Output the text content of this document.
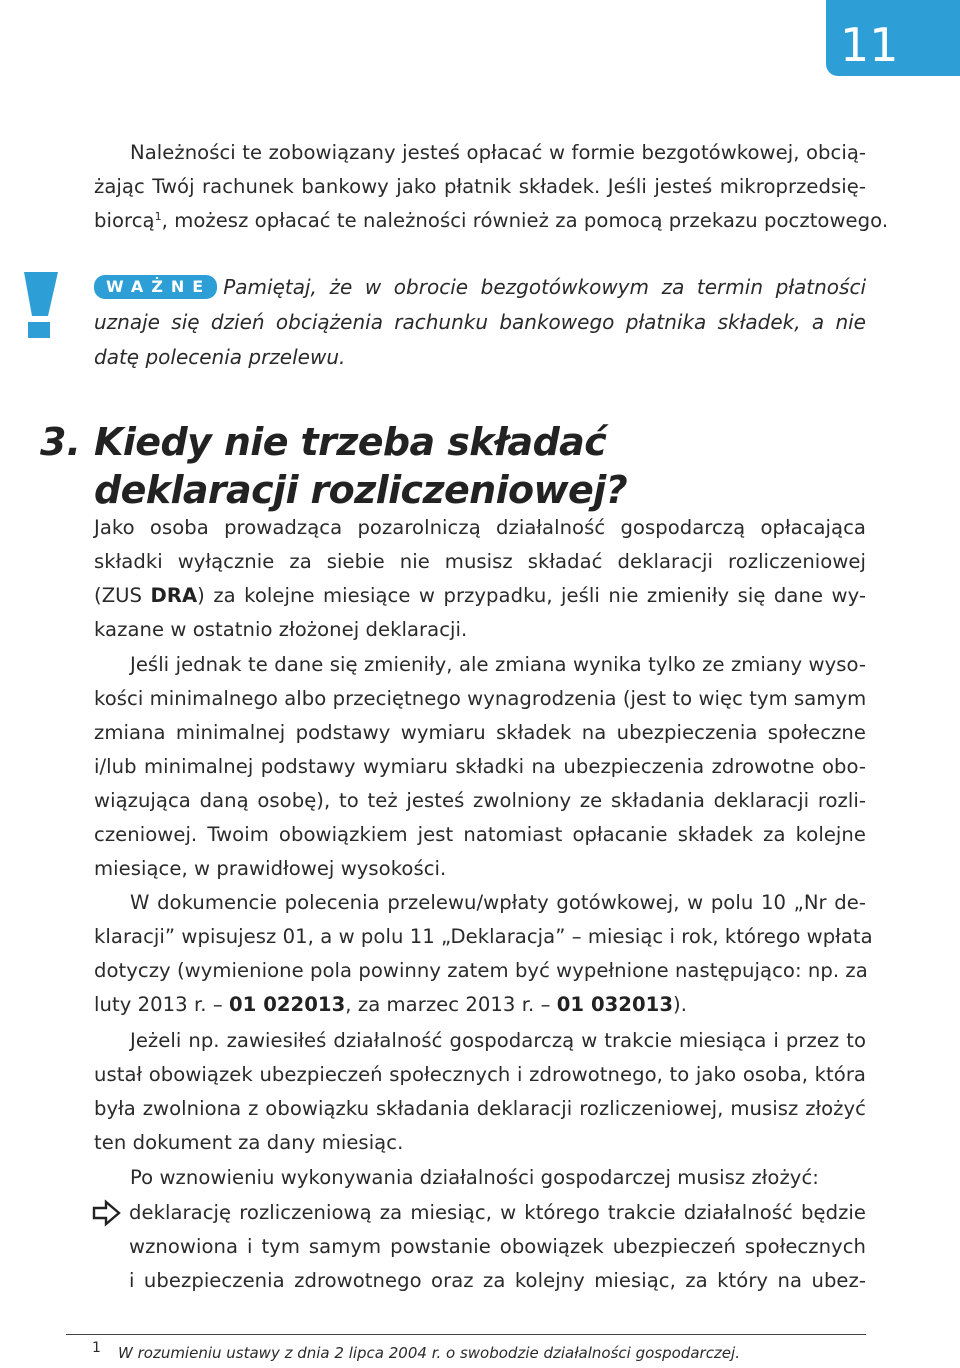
11
Należności te zobowiązany jesteś opłacać w formie bezgotówkowej, obcią-
żając Twój rachunek bankowy jako płatnik składek. Jeśli jesteś mikroprzedsię-
biorcą$^1$, możesz opłacać te należności również za pomocą przekazu pocztowego.
WAŻNE Pamiętaj, że w obrocie bezgotówkowym za termin płatności
uznaje się dzień obciążenia rachunku bankowego płatnika składek, a nie
datę polecenia przelewu.
3. Kiedy nie trzeba składać
deklaracji rozliczeniowej?
Jako osoba prowadząca pozarolniczą działalność gospodarczą opłacająca
składki wyłącznie za siebie nie musisz składać deklaracji rozliczeniowej
(ZUS DRA) za kolejne miesiące w przypadku, jeśli nie zmieniły się dane wy-
kazane w ostatnio złożonej deklaracji.
Jeśli jednak te dane się zmieniły, ale zmiana wynika tylko ze zmiany wyso-
kości minimalnego albo przeciętnego wynagrodzenia (jest to więc tym samym
zmiana minimalnej podstawy wymiaru składek na ubezpieczenia społeczne
i/lub minimalnej podstawy wymiaru składki na ubezpieczenia zdrowotne obo-
wiązująca daną osobę), to też jesteś zwolniony ze składania deklaracji rozli-
czeniowej. Twoim obowiązkiem jest natomiast opłacanie składek za kolejne
miesiące, w prawidłowej wysokości.
W dokumencie polecenia przelewu/wpłaty gotówkowej, w polu 10 „Nr de-
klaracji” wpisujesz 01, a w polu 11 „Deklaracja” – miesiąc i rok, którego wpłata
dotyczy (wymienione pola powinny zatem być wypełnione następująco: np. za
luty 2013 r. – 01 022013, za marzec 2013 r. – 01 032013).
Jeżeli np. zawiesiłeś działalność gospodarczą w trakcie miesiąca i przez to
ustał obowiązek ubezpieczeń społecznych i zdrowotnego, to jako osoba, która
była zwolniona z obowiązku składania deklaracji rozliczeniowej, musisz złożyć
ten dokument za dany miesiąc.
Po wznowieniu wykonywania działalności gospodarczej musisz złożyć:
deklarację rozliczeniową za miesiąc, w którego trakcie działalność będzie
wznowiona i tym samym powstanie obowiązek ubezpieczeń społecznych
i ubezpieczenia zdrowotnego oraz za kolejny miesiąc, za który na ubez-
1 W rozumieniu ustawy z dnia 2 lipca 2004 r. o swobodzie działalności gospodarczej.
